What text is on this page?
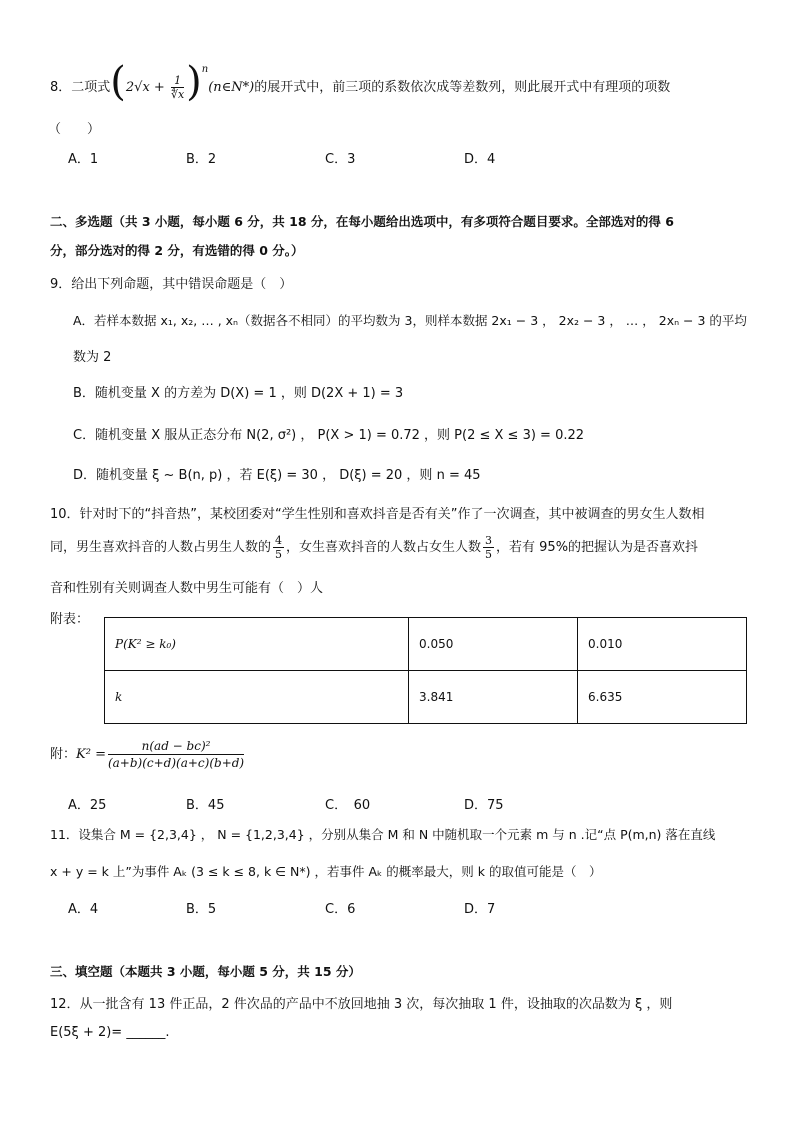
8．二项式($2√x + \frac{1}{∜x}$ )$^n(n\in N*)$的展开式中，前三项的系数依次成等差数列，则此展开式中有理项的项数
（　　）
A．1	B．2	C．3	D．4
二、多选题（共 3 小题，每小题 6 分，共 18 分，在每小题给出选项中，有多项符合题目要求。全部选对的得 6
分，部分选对的得 2 分，有选错的得 0 分。）
9．给出下列命题，其中错误命题是（　）
A．若样本数据 x₁, x₂, … , xₙ（数据各不相同）的平均数为 3，则样本数据 2x₁ − 3 ， 2x₂ − 3 ， … ， 2xₙ − 3 的平均
数为 2
B．随机变量 X 的方差为 D(X) = 1 ，则 D(2X + 1) = 3
C．随机变量 X 服从正态分布 N(2, σ²) ， P(X > 1) = 0.72 ，则 P(2 ≤ X ≤ 3) = 0.22
D．随机变量 ξ ~ B(n, p) ，若 E(ξ) = 30 ， D(ξ) = 20 ，则 n = 45
10．针对时下的“抖音热”，某校团委对“学生性别和喜欢抖音是否有关”作了一次调查，其中被调查的男女生人数相
同，男生喜欢抖音的人数占男生人数的 $\frac{4}{5}$ ，女生喜欢抖音的人数占女生人数 $\frac{3}{5}$ ，若有 95%的把握认为是否喜欢抖
音和性别有关则调查人数中男生可能有（　）人
附表：
P(K² ≥ k₀)	0.050	0.010
k	3.841	6.635
附：$K^2 = \frac{\text{n(ad − bc)²}}{(a+b)(c+d)(a+c)(b+d)}$
A．25	B．45	C．　60	D．75
11．设集合 M = {2,3,4} ， N = {1,2,3,4} ，分别从集合 M 和 N 中随机取一个元素 m 与 n .记“点 P(m,n) 落在直线
x + y = k 上”为事件 Aₖ (3 ≤ k ≤ 8, k ∈ N*) ，若事件 Aₖ 的概率最大，则 k 的取值可能是（　）
A．4	B．5	C．6	D．7
三、填空题（本题共 3 小题，每小题 5 分，共 15 分）
12．从一批含有 13 件正品，2 件次品的产品中不放回地抽 3 次，每次抽取 1 件，设抽取的次品数为 ξ ，则
E(5ξ + 2)= ______.
